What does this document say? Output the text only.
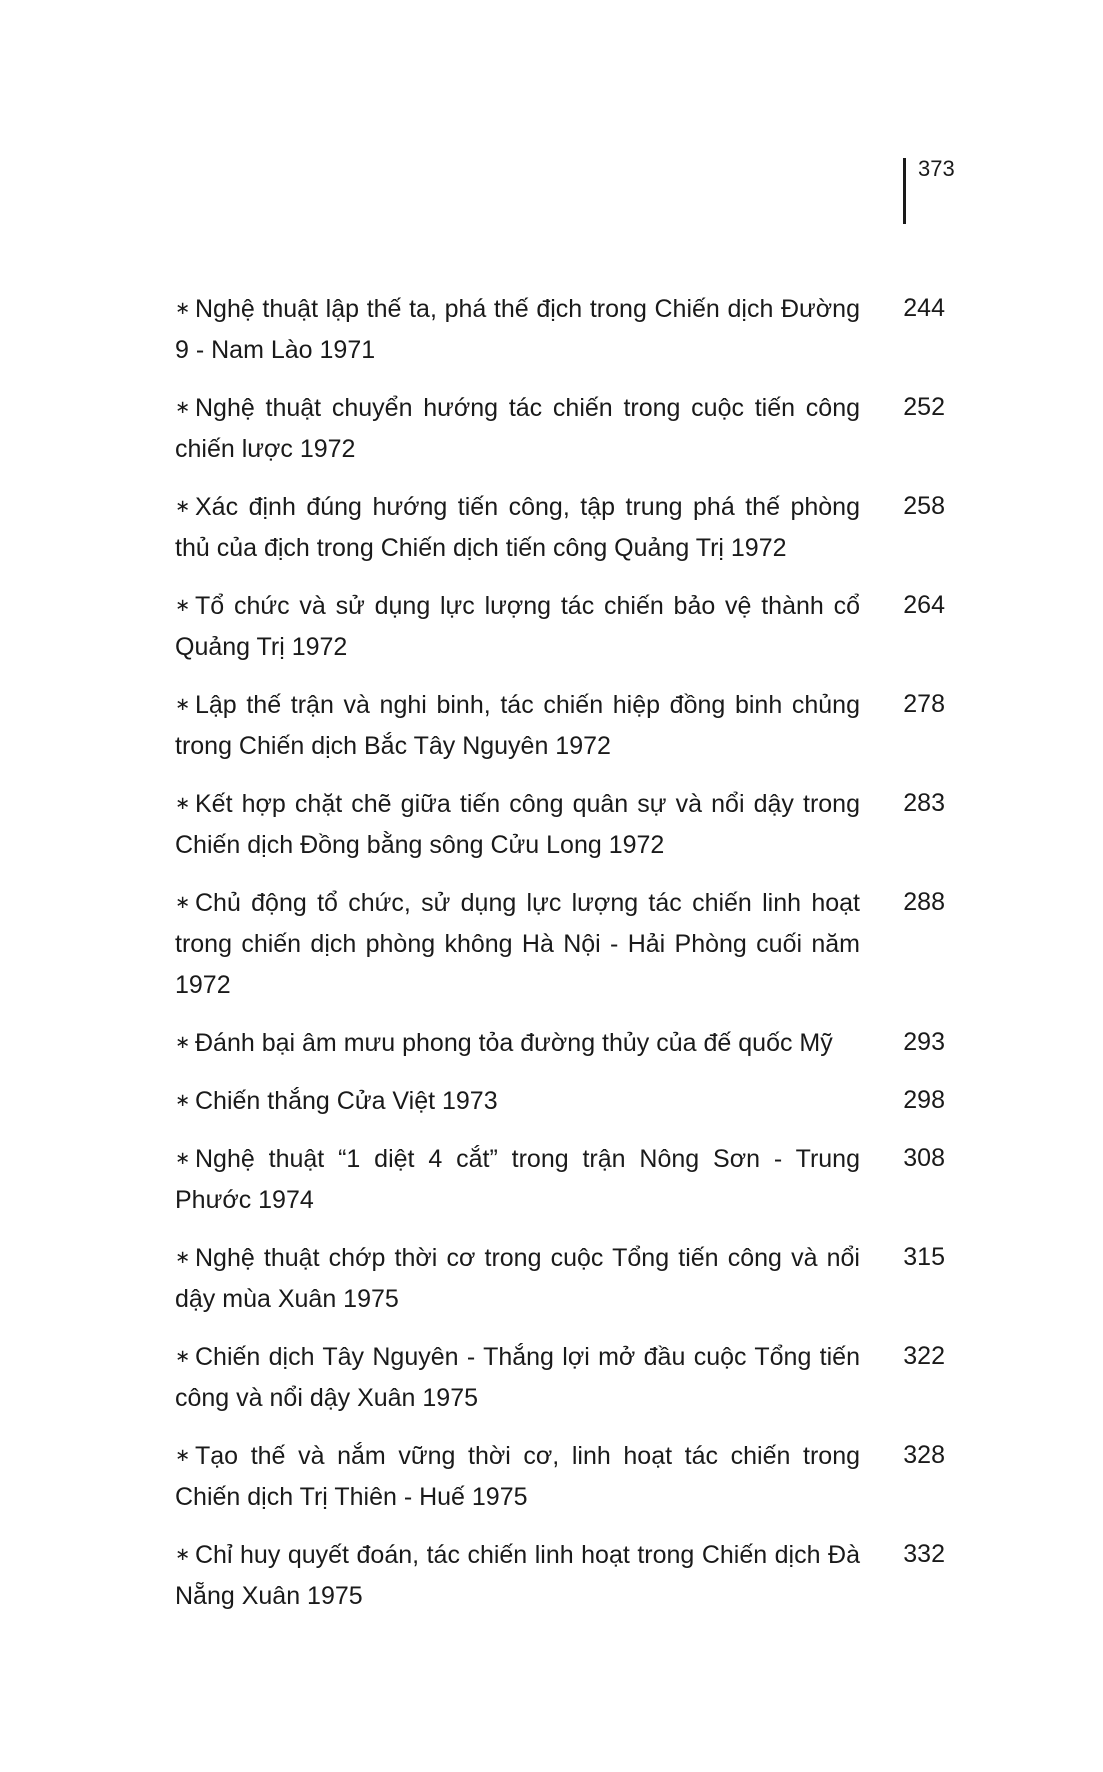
373
∗ Nghệ thuật lập thế ta, phá thế địch trong Chiến dịch Đường 9 - Nam Lào 1971
244
∗ Nghệ thuật chuyển hướng tác chiến trong cuộc tiến công chiến lược 1972
252
∗ Xác định đúng hướng tiến công, tập trung phá thế phòng thủ của địch trong Chiến dịch tiến công Quảng Trị 1972
258
∗ Tổ chức và sử dụng lực lượng tác chiến bảo vệ thành cổ Quảng Trị 1972
264
∗ Lập thế trận và nghi binh, tác chiến hiệp đồng binh chủng trong Chiến dịch Bắc Tây Nguyên 1972
278
∗ Kết hợp chặt chẽ giữa tiến công quân sự và nổi dậy trong Chiến dịch Đồng bằng sông Cửu Long 1972
283
∗ Chủ động tổ chức, sử dụng lực lượng tác chiến linh hoạt trong chiến dịch phòng không Hà Nội - Hải Phòng cuối năm 1972
288
∗ Đánh bại âm mưu phong tỏa đường thủy của đế quốc Mỹ	293
∗ Chiến thắng Cửa Việt 1973	298
∗ Nghệ thuật “1 diệt 4 cắt” trong trận Nông Sơn - Trung Phước 1974
308
∗ Nghệ thuật chớp thời cơ trong cuộc Tổng tiến công và nổi dậy mùa Xuân 1975
315
∗ Chiến dịch Tây Nguyên - Thắng lợi mở đầu cuộc Tổng tiến công và nổi dậy Xuân 1975
322
∗ Tạo thế và nắm vững thời cơ, linh hoạt tác chiến trong Chiến dịch Trị Thiên - Huế 1975
328
∗ Chỉ huy quyết đoán, tác chiến linh hoạt trong Chiến dịch Đà Nẵng Xuân 1975
332
